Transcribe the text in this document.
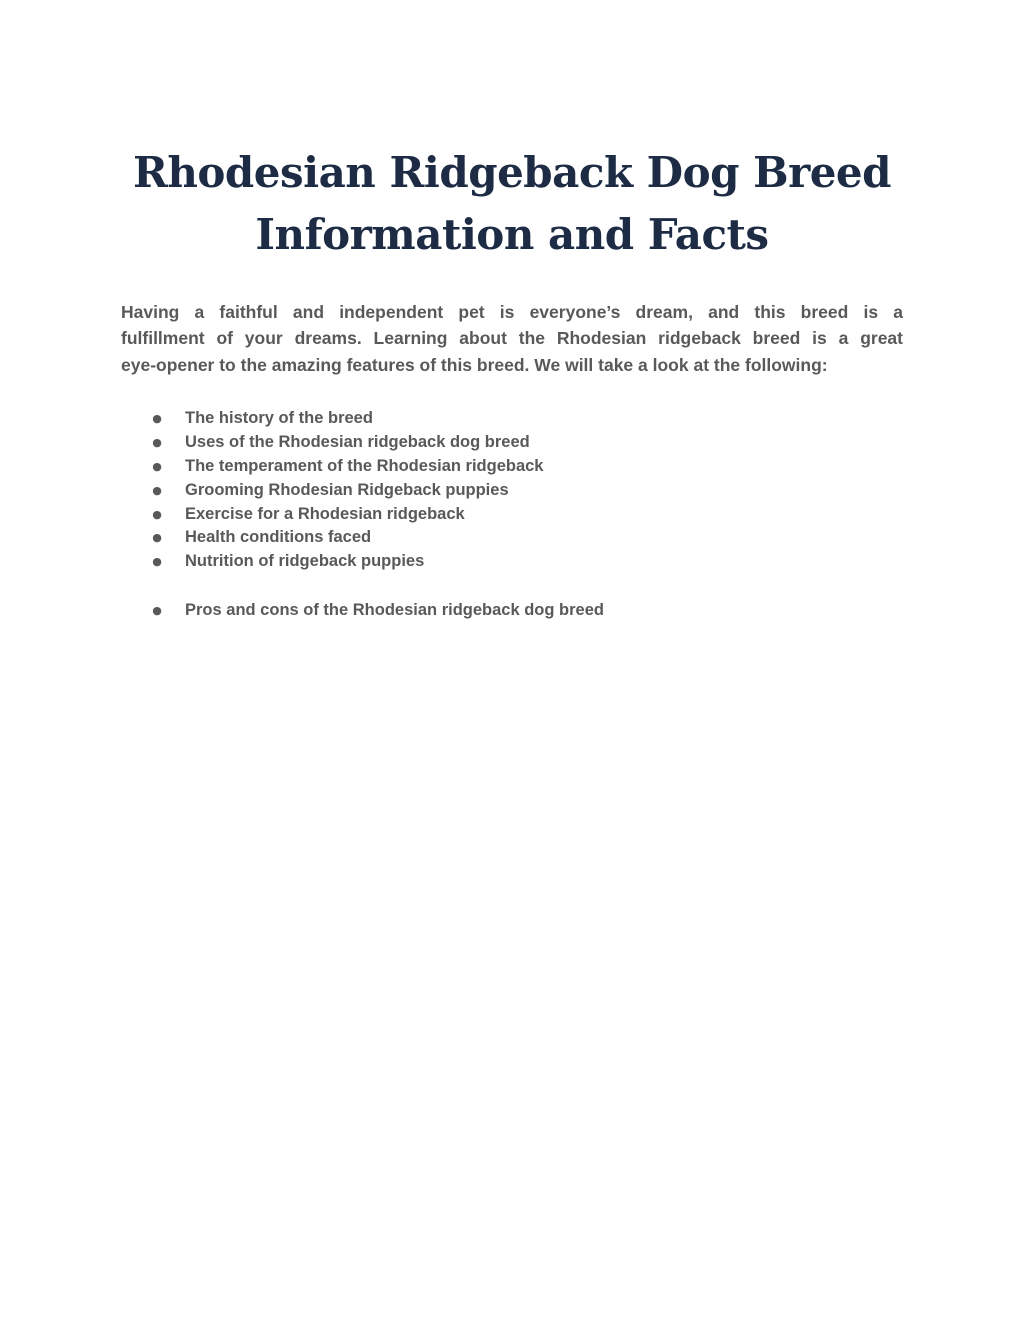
Rhodesian Ridgeback Dog Breed
Information and Facts

Having a faithful and independent pet is everyone’s dream, and this breed is a
fulfillment of your dreams. Learning about the Rhodesian ridgeback breed is a great
eye-opener to the amazing features of this breed. We will take a look at the following:

● The history of the breed
● Uses of the Rhodesian ridgeback dog breed
● The temperament of the Rhodesian ridgeback
● Grooming Rhodesian Ridgeback puppies
● Exercise for a Rhodesian ridgeback
● Health conditions faced
● Nutrition of ridgeback puppies
● Pros and cons of the Rhodesian ridgeback dog breed
